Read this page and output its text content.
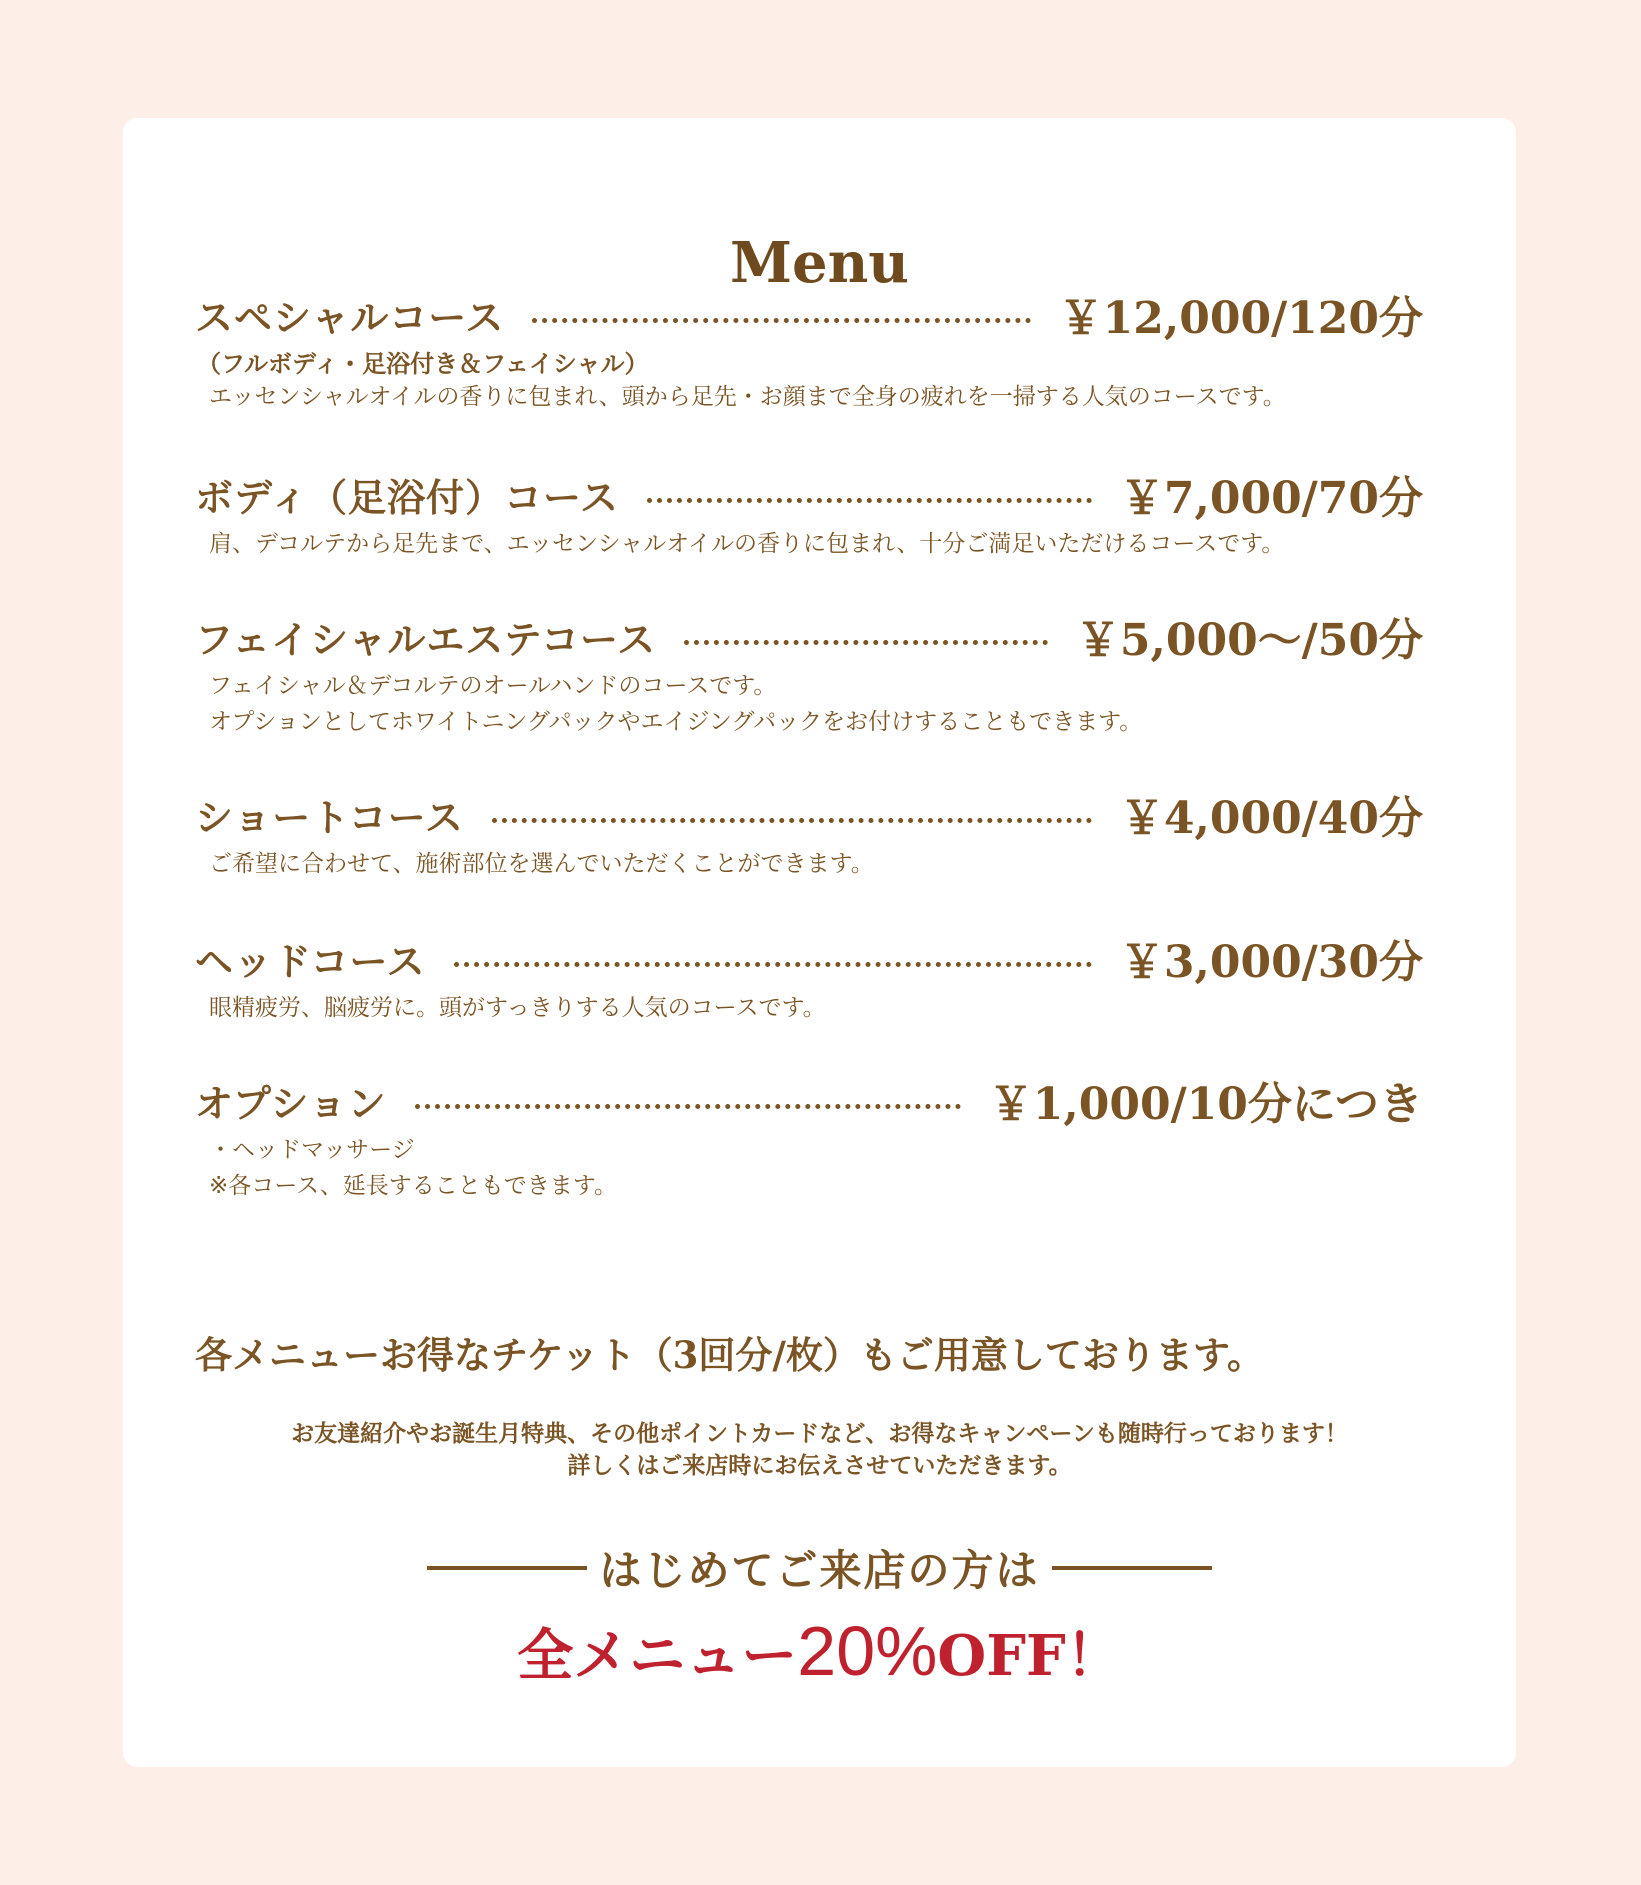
Menu
スペシャルコース	￥12,000/120分
（フルボディ・足浴付き＆フェイシャル）
エッセンシャルオイルの香りに包まれ、頭から足先・お顔まで全身の疲れを一掃する人気のコースです。
ボディ（足浴付）コース	￥7,000/70分
肩、デコルテから足先まで、エッセンシャルオイルの香りに包まれ、十分ご満足いただけるコースです。
フェイシャルエステコース	￥5,000〜/50分
フェイシャル＆デコルテのオールハンドのコースです。
オプションとしてホワイトニングパックやエイジングパックをお付けすることもできます。
ショートコース	￥4,000/40分
ご希望に合わせて、施術部位を選んでいただくことができます。
ヘッドコース	￥3,000/30分
眼精疲労、脳疲労に。頭がすっきりする人気のコースです。
オプション	￥1,000/10分につき
・ヘッドマッサージ
※各コース、延長することもできます。
各メニューお得なチケット（3回分/枚）もご用意しております。
お友達紹介やお誕生月特典、その他ポイントカードなど、お得なキャンペーンも随時行っております！
詳しくはご来店時にお伝えさせていただきます。
はじめてご来店の方は
全メニュー20%OFF！
